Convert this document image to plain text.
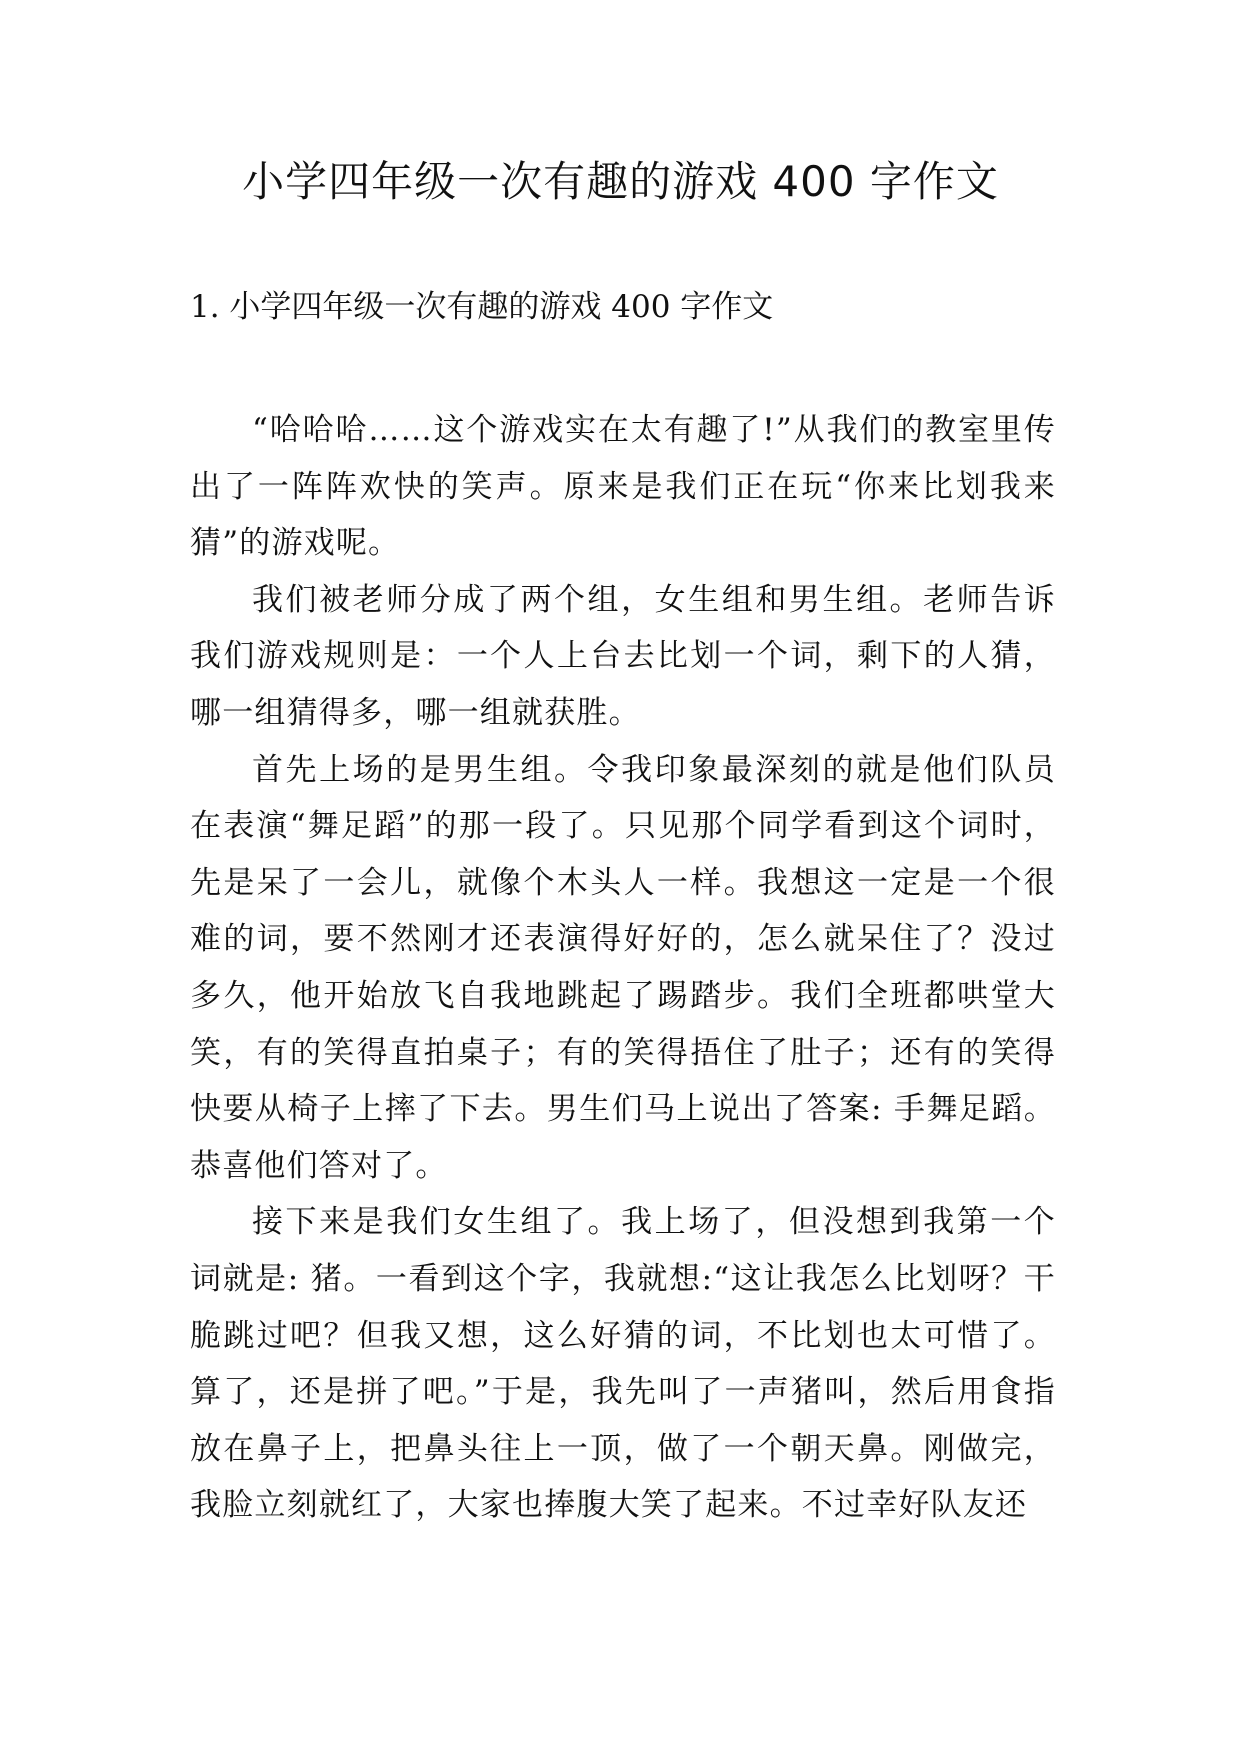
小学四年级一次有趣的游戏 400 字作文
1. 小学四年级一次有趣的游戏 400 字作文

“哈哈哈……这个游戏实在太有趣了!”从我们的教室里传出了一阵阵欢快的笑声。原来是我们正在玩“你来比划我来猜”的游戏呢。

我们被老师分成了两个组，女生组和男生组。老师告诉我们游戏规则是：一个人上台去比划一个词，剩下的人猜，哪一组猜得多，哪一组就获胜。

首先上场的是男生组。令我印象最深刻的就是他们队员在表演“舞足蹈”的那一段了。只见那个同学看到这个词时，先是呆了一会儿，就像个木头人一样。我想这一定是一个很难的词，要不然刚才还表演得好好的，怎么就呆住了？没过多久，他开始放飞自我地跳起了踢踏步。我们全班都哄堂大笑，有的笑得直拍桌子；有的笑得捂住了肚子；还有的笑得快要从椅子上摔了下去。男生们马上说出了答案: 手舞足蹈。恭喜他们答对了。

接下来是我们女生组了。我上场了，但没想到我第一个词就是: 猪。一看到这个字，我就想:“这让我怎么比划呀？干脆跳过吧？但我又想，这么好猜的词，不比划也太可惜了。算了，还是拼了吧。”于是，我先叫了一声猪叫，然后用食指放在鼻子上，把鼻头往上一顶，做了一个朝天鼻。刚做完，我脸立刻就红了，大家也捧腹大笑了起来。不过幸好队友还
